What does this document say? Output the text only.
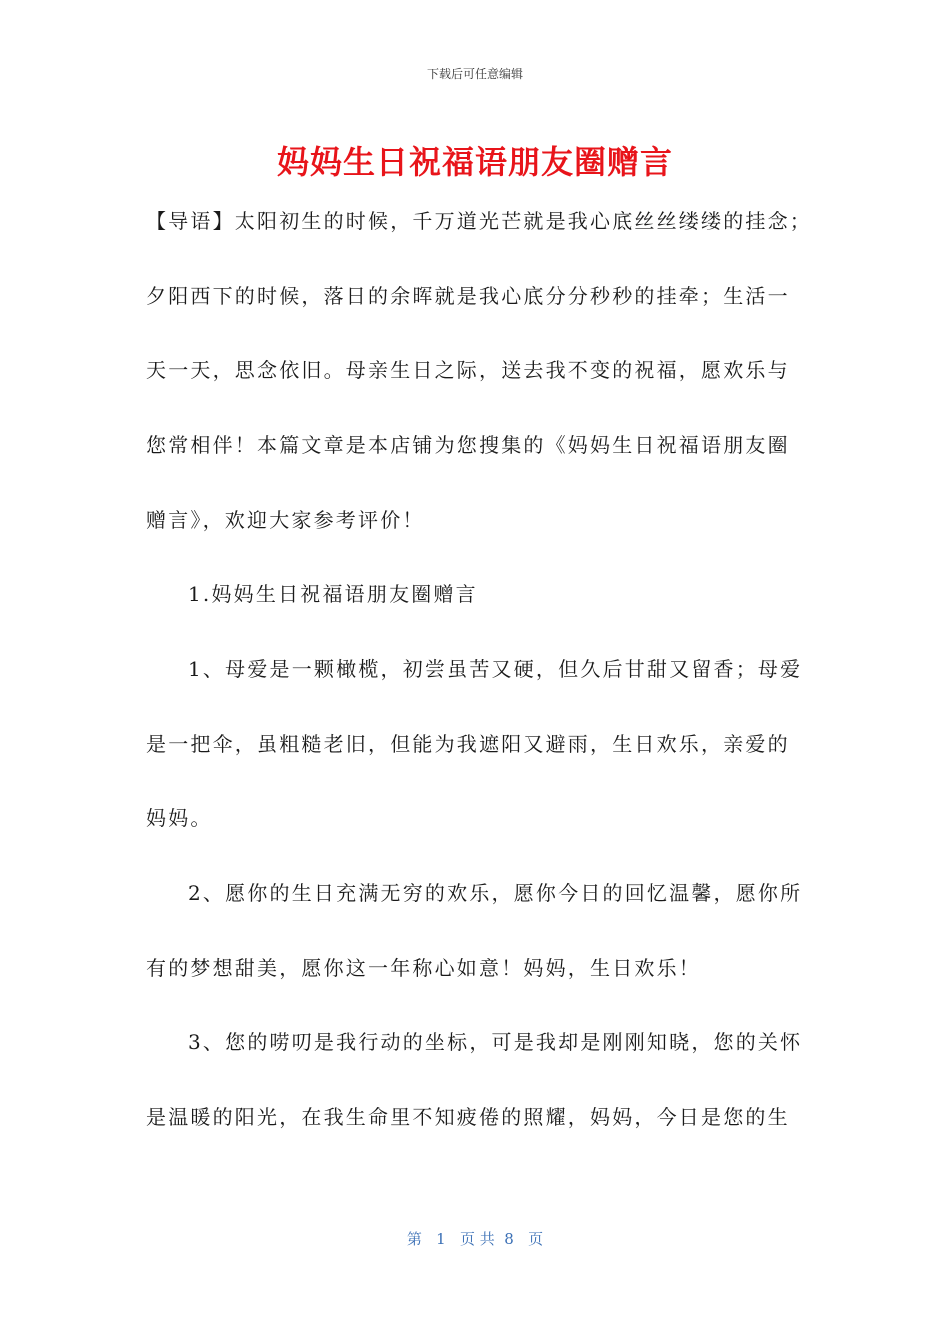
下载后可任意编辑
妈妈生日祝福语朋友圈赠言
【导语】太阳初生的时候，千万道光芒就是我心底丝丝缕缕的挂念；
夕阳西下的时候，落日的余晖就是我心底分分秒秒的挂牵；生活一
天一天，思念依旧。母亲生日之际，送去我不变的祝福，愿欢乐与
您常相伴！本篇文章是本店铺为您搜集的《妈妈生日祝福语朋友圈
赠言》，欢迎大家参考评价！
1.妈妈生日祝福语朋友圈赠言
1、母爱是一颗橄榄，初尝虽苦又硬，但久后甘甜又留香；母爱
是一把伞，虽粗糙老旧，但能为我遮阳又避雨，生日欢乐，亲爱的
妈妈。
2、愿你的生日充满无穷的欢乐，愿你今日的回忆温馨，愿你所
有的梦想甜美，愿你这一年称心如意！妈妈，生日欢乐！
3、您的唠叨是我行动的坐标，可是我却是刚刚知晓，您的关怀
是温暖的阳光，在我生命里不知疲倦的照耀，妈妈，今日是您的生
第   1   页 共  8   页
